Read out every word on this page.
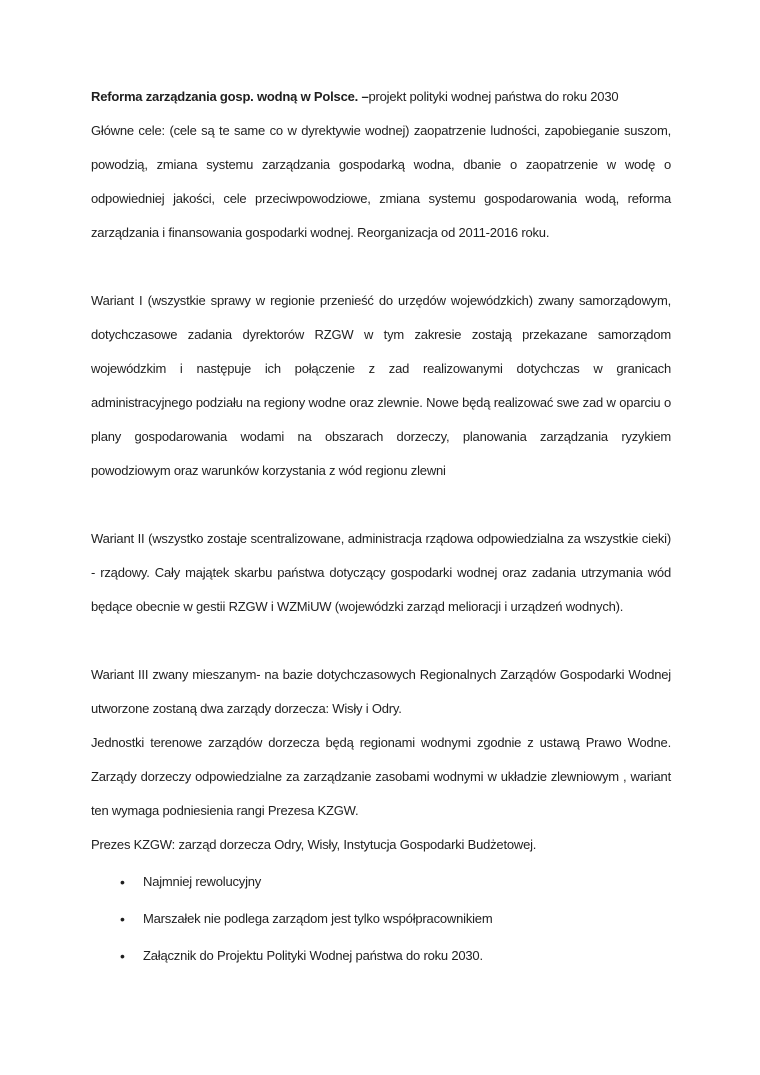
Reforma zarządzania gosp. wodną w Polsce. –projekt polityki wodnej państwa do roku 2030

Główne cele: (cele są te same co w dyrektywie wodnej) zaopatrzenie ludności, zapobieganie suszom, powodzią, zmiana systemu zarządzania gospodarką wodna, dbanie o zaopatrzenie w wodę o odpowiedniej jakości, cele przeciwpowodziowe, zmiana systemu gospodarowania wodą, reforma zarządzania i finansowania gospodarki wodnej. Reorganizacja od 2011-2016 roku.

Wariant I (wszystkie sprawy w regionie przenieść do urzędów wojewódzkich) zwany samorządowym, dotychczasowe zadania dyrektorów RZGW w tym zakresie zostają przekazane samorządom wojewódzkim i następuje ich połączenie z zad realizowanymi dotychczas w granicach administracyjnego podziału na regiony wodne oraz zlewnie. Nowe będą realizować swe zad w oparciu o plany gospodarowania wodami na obszarach dorzeczy, planowania zarządzania ryzykiem powodziowym oraz warunków korzystania z wód regionu zlewni

Wariant II (wszystko zostaje scentralizowane, administracja rządowa odpowiedzialna za wszystkie cieki) - rządowy. Cały majątek skarbu państwa dotyczący gospodarki wodnej oraz zadania utrzymania wód będące obecnie w gestii RZGW i WZMiUW (wojewódzki zarząd melioracji i urządzeń wodnych).

Wariant III zwany mieszanym- na bazie dotychczasowych Regionalnych Zarządów Gospodarki Wodnej utworzone zostaną dwa zarządy dorzecza: Wisły i Odry.

Jednostki terenowe zarządów dorzecza będą regionami wodnymi zgodnie z ustawą Prawo Wodne. Zarządy dorzeczy odpowiedzialne za zarządzanie zasobami wodnymi w układzie zlewniowym , wariant ten wymaga podniesienia rangi Prezesa KZGW.

Prezes KZGW: zarząd dorzecza Odry, Wisły, Instytucja Gospodarki Budżetowej.

• Najmniej rewolucyjny
• Marszałek nie podlega zarządom jest tylko współpracownikiem
• Załącznik do Projektu Polityki Wodnej państwa do roku 2030.
